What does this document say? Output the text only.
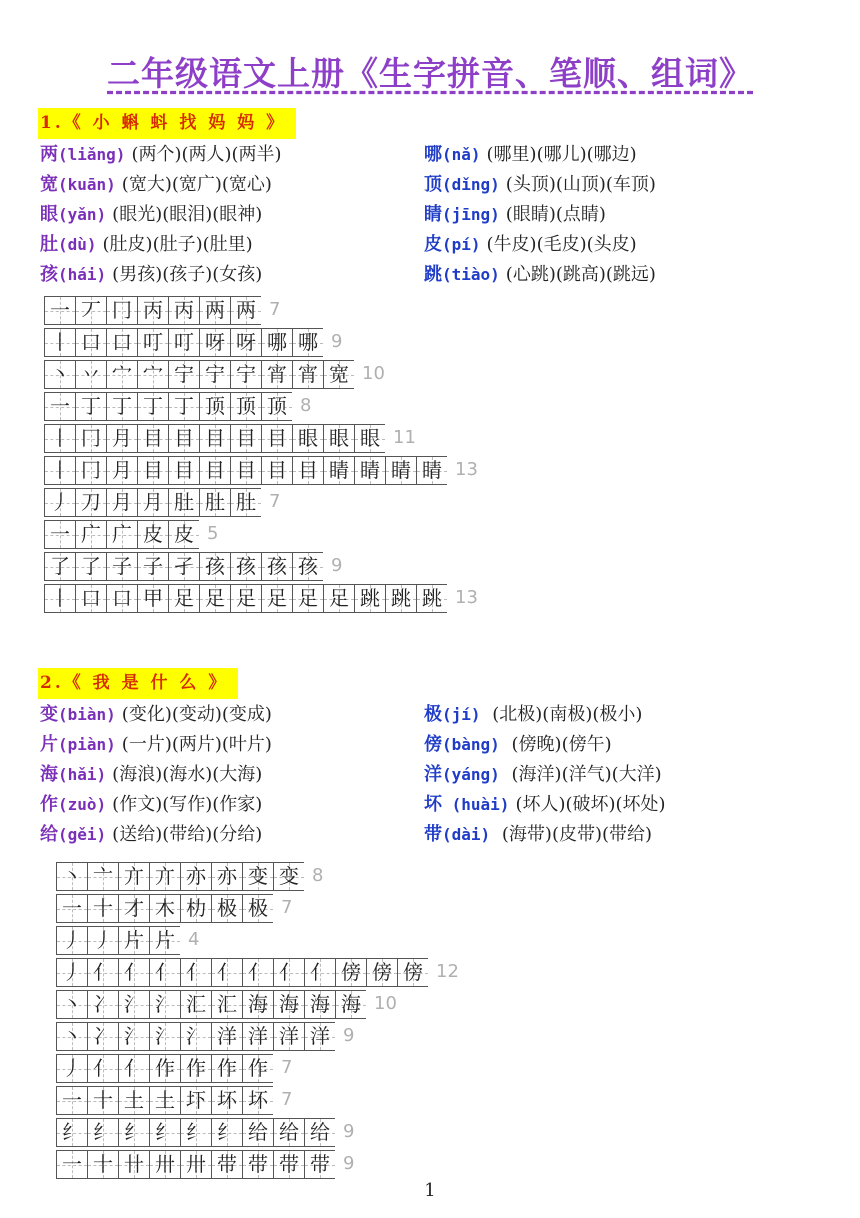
二年级语文上册《生字拼音、笔顺、组词》
1.《 小 蝌 蚪 找 妈 妈 》
两(liǎng) (两个)(两人)(两半)	哪(nǎ) (哪里)(哪儿)(哪边)
宽(kuān) (宽大)(宽广)(宽心)	顶(dǐng) (头顶)(山顶)(车顶)
眼(yǎn) (眼光)(眼泪)(眼神)	睛(jīng) (眼睛)(点睛)
肚(dù) (肚皮)(肚子)(肚里)	皮(pí) (牛皮)(毛皮)(头皮)
孩(hái) (男孩)(孩子)(女孩)	跳(tiào) (心跳)(跳高)(跳远)
一 丆 冂 丙 丙 两 两 7
丨 口 口 叮 叮 呀 呀 哪 哪 9
丶 丷 宀 宀 宁 宁 宁 宵 宵 宽 10
一 丁 丁 丁 丁 顶 顶 顶 8
丨 冂 月 目 目 目 目 目 眼 眼 眼 11
丨 冂 月 目 目 目 目 目 目 睛 睛 睛 睛 13
丿 刀 月 月 肚 肚 肚 7
一 广 广 皮 皮 5
了 了 子 子 孑 孩 孩 孩 孩 9
丨 口 口 甲 足 足 足 足 足 足 跳 跳 跳 13
2.《 我 是 什 么 》
变(biàn) (变化)(变动)(变成)	极(jí) (北极)(南极)(极小)
片(piàn) (一片)(两片)(叶片)	傍(bàng) (傍晚)(傍午)
海(hǎi) (海浪)(海水)(大海)	洋(yáng) (海洋)(洋气)(大洋)
作(zuò) (作文)(写作)(作家)	坏 (huài) (坏人)(破坏)(坏处)
给(gěi) (送给)(带给)(分给)	带(dài) (海带)(皮带)(带给)
丶 亠 亣 亣 亦 亦 变 变 8
一 十 才 木 朸 极 极 7
丿 丿 片 片 4
丿 亻 亻 亻 亻 亻 亻 亻 亻 傍 傍 傍 12
丶 冫 氵 氵 汇 汇 海 海 海 海 10
丶 冫 氵 氵 氵 洋 洋 洋 洋 9
丿 亻 亻 作 作 作 作 7
一 十 土 土 圷 坏 坏 7
纟 纟 纟 纟 纟 纟 给 给 给 9
一 十 卄 卅 卅 带 带 带 带 9
1
